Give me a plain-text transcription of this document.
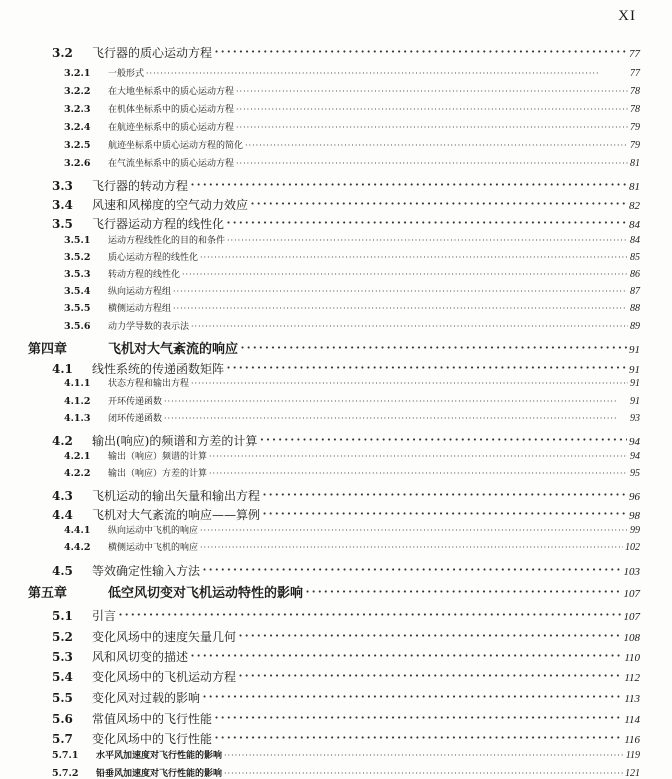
XI
3.2	飞行器的质心运动方程 ·····	77
3.2.1	一般形式 ·····	77
3.2.2	在大地坐标系中的质心运动方程 ·····	78
3.2.3	在机体坐标系中的质心运动方程 ·····	78
3.2.4	在航迹坐标系中的质心运动方程 ·····	79
3.2.5	航迹坐标系中质心运动方程的简化 ·····	79
3.2.6	在气流坐标系中的质心运动方程 ·····	81
3.3	飞行器的转动方程 ·····	81
3.4	风速和风梯度的空气动力效应 ·····	82
3.5	飞行器运动方程的线性化 ·····	84
3.5.1	运动方程线性化的目的和条件 ·····	84
3.5.2	质心运动方程的线性化 ·····	85
3.5.3	转动方程的线性化 ·····	86
3.5.4	纵向运动方程组 ·····	87
3.5.5	横侧运动方程组 ·····	88
3.5.6	动力学导数的表示法 ·····	89
第四章	飞机对大气紊流的响应 ·····	91
4.1	线性系统的传递函数矩阵 ·····	91
4.1.1	状态方程和输出方程 ·····	91
4.1.2	开环传递函数 ·····	91
4.1.3	闭环传递函数 ·····	93
4.2	输出(响应)的频谱和方差的计算 ·····	94
4.2.1	输出（响应）频谱的计算 ·····	94
4.2.2	输出（响应）方差的计算 ·····	95
4.3	飞机运动的输出矢量和输出方程 ·····	96
4.4	飞机对大气紊流的响应——算例 ·····	98
4.4.1	纵向运动中飞机的响应 ·····	99
4.4.2	横侧运动中飞机的响应 ·····	102
4.5	等效确定性输入方法 ·····	103
第五章	低空风切变对飞机运动特性的影响 ·····	107
5.1	引言 ·····	107
5.2	变化风场中的速度矢量几何 ·····	108
5.3	风和风切变的描述 ·····	110
5.4	变化风场中的飞机运动方程 ·····	112
5.5	变化风对过载的影响 ·····	113
5.6	常值风场中的飞行性能 ·····	114
5.7	变化风场中的飞行性能 ·····	116
5.7.1	水平风加速度对飞行性能的影响 ·····	119
5.7.2	铅垂风加速度对飞行性能的影响 ·····	121
